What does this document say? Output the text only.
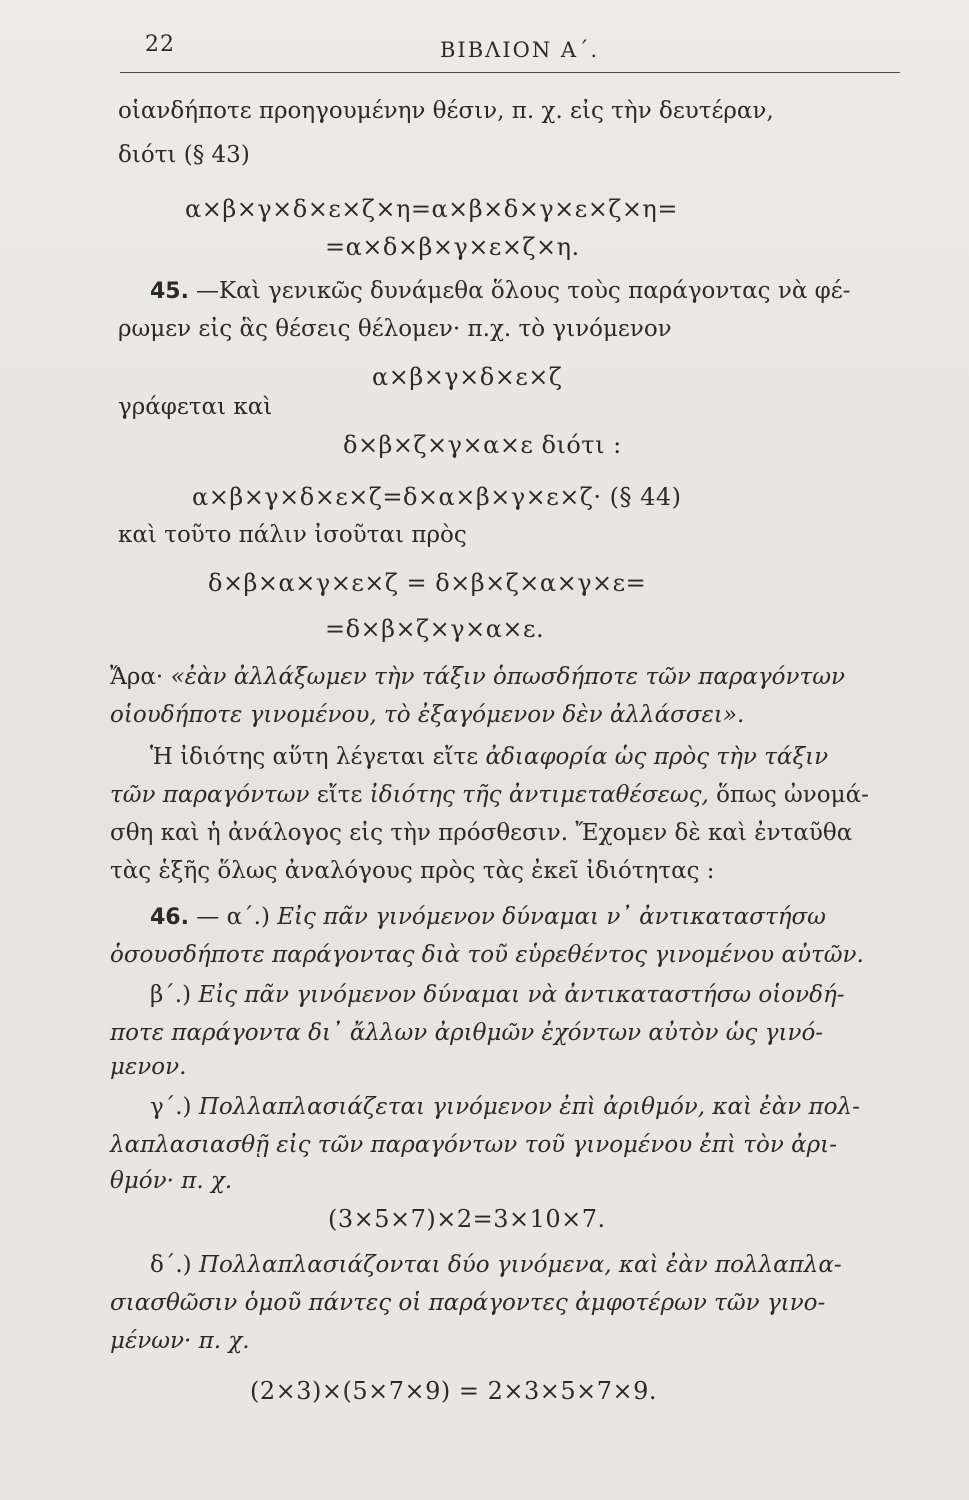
22	ΒΙΒΛΙΟΝ Α΄.
οἱανδήποτε προηγουμένην θέσιν, π. χ. εἰς τὴν δευτέραν,
διότι (§ 43)
α×β×γ×δ×ε×ζ×η=α×β×δ×γ×ε×ζ×η=
=α×δ×β×γ×ε×ζ×η.
45. —Καὶ γενικῶς δυνάμεθα ὅλους τοὺς παράγοντας νὰ φέ-
ρωμεν εἰς ἃς θέσεις θέλομεν· π.χ. τὸ γινόμενον
α×β×γ×δ×ε×ζ
γράφεται καὶ
δ×β×ζ×γ×α×ε διότι :
α×β×γ×δ×ε×ζ=δ×α×β×γ×ε×ζ· (§ 44)
καὶ τοῦτο πάλιν ἰσοῦται πρὸς
δ×β×α×γ×ε×ζ = δ×β×ζ×α×γ×ε=
=δ×β×ζ×γ×α×ε.
Ἄρα· «ἐὰν ἀλλάξωμεν τὴν τάξιν ὁπωσδήποτε τῶν παραγόντων
οἱουδήποτε γινομένου, τὸ ἐξαγόμενον δὲν ἀλλάσσει».
Ἡ ἰδιότης αὕτη λέγεται εἴτε ἀδιαφορία ὡς πρὸς τὴν τάξιν
τῶν παραγόντων εἴτε ἰδιότης τῆς ἀντιμεταθέσεως, ὅπως ὠνομά-
σθη καὶ ἡ ἀνάλογος εἰς τὴν πρόσθεσιν. Ἔχομεν δὲ καὶ ἐνταῦθα
τὰς ἑξῆς ὅλως ἀναλόγους πρὸς τὰς ἐκεῖ ἰδιότητας :
46. — α΄.) Εἰς πᾶν γινόμενον δύναμαι ν᾽ ἀντικαταστήσω
ὁσουσδήποτε παράγοντας διὰ τοῦ εὑρεθέντος γινομένου αὐτῶν.
β΄.) Εἰς πᾶν γινόμενον δύναμαι νὰ ἀντικαταστήσω οἱονδή-
ποτε παράγοντα δι᾽ ἄλλων ἀριθμῶν ἐχόντων αὐτὸν ὡς γινό-
μενον.
γ΄.) Πολλαπλασιάζεται γινόμενον ἐπὶ ἀριθμόν, καὶ ἐὰν πολ-
λαπλασιασθῇ εἰς τῶν παραγόντων τοῦ γινομένου ἐπὶ τὸν ἀρι-
θμόν· π. χ.
(3×5×7)×2=3×10×7.
δ΄.) Πολλαπλασιάζονται δύο γινόμενα, καὶ ἐὰν πολλαπλα-
σιασθῶσιν ὁμοῦ πάντες οἱ παράγοντες ἀμφοτέρων τῶν γινο-
μένων· π. χ.
(2×3)×(5×7×9) = 2×3×5×7×9.
